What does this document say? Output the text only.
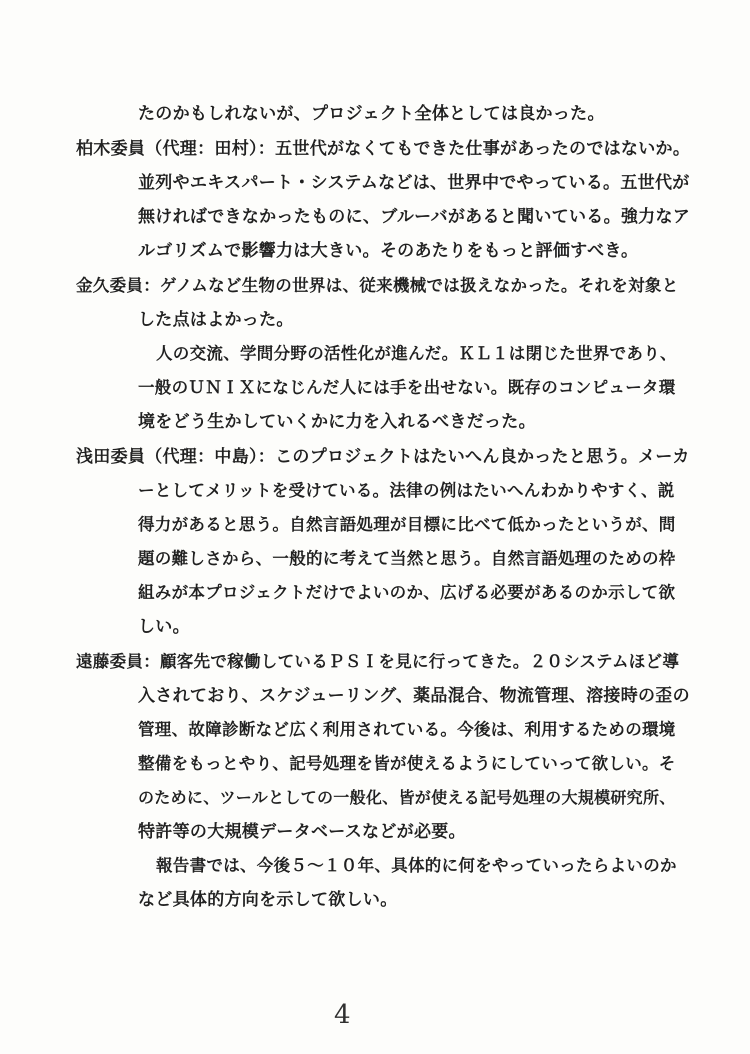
たのかもしれないが、プロジェクト全体としては良かった。
柏木委員（代理：田村）：五世代がなくてもできた仕事があったのではないか。
並列やエキスパート・システムなどは、世界中でやっている。五世代が
無ければできなかったものに、ブルーバがあると聞いている。強力なア
ルゴリズムで影響力は大きい。そのあたりをもっと評価すべき。
金久委員：ゲノムなど生物の世界は、従来機械では扱えなかった。それを対象と
した点はよかった。
人の交流、学問分野の活性化が進んだ。ＫＬ１は閉じた世界であり、
一般のＵＮＩＸになじんだ人には手を出せない。既存のコンピュータ環
境をどう生かしていくかに力を入れるべきだった。
浅田委員（代理：中島）：このプロジェクトはたいへん良かったと思う。メーカ
ーとしてメリットを受けている。法律の例はたいへんわかりやすく、説
得力があると思う。自然言語処理が目標に比べて低かったというが、問
題の難しさから、一般的に考えて当然と思う。自然言語処理のための枠
組みが本プロジェクトだけでよいのか、広げる必要があるのか示して欲
しい。
遠藤委員：顧客先で稼働しているＰＳＩを見に行ってきた。２０システムほど導
入されており、スケジューリング、薬品混合、物流管理、溶接時の歪の
管理、故障診断など広く利用されている。今後は、利用するための環境
整備をもっとやり、記号処理を皆が使えるようにしていって欲しい。そ
のために、ツールとしての一般化、皆が使える記号処理の大規模研究所、
特許等の大規模データベースなどが必要。
報告書では、今後５～１０年、具体的に何をやっていったらよいのか
など具体的方向を示して欲しい。
4
